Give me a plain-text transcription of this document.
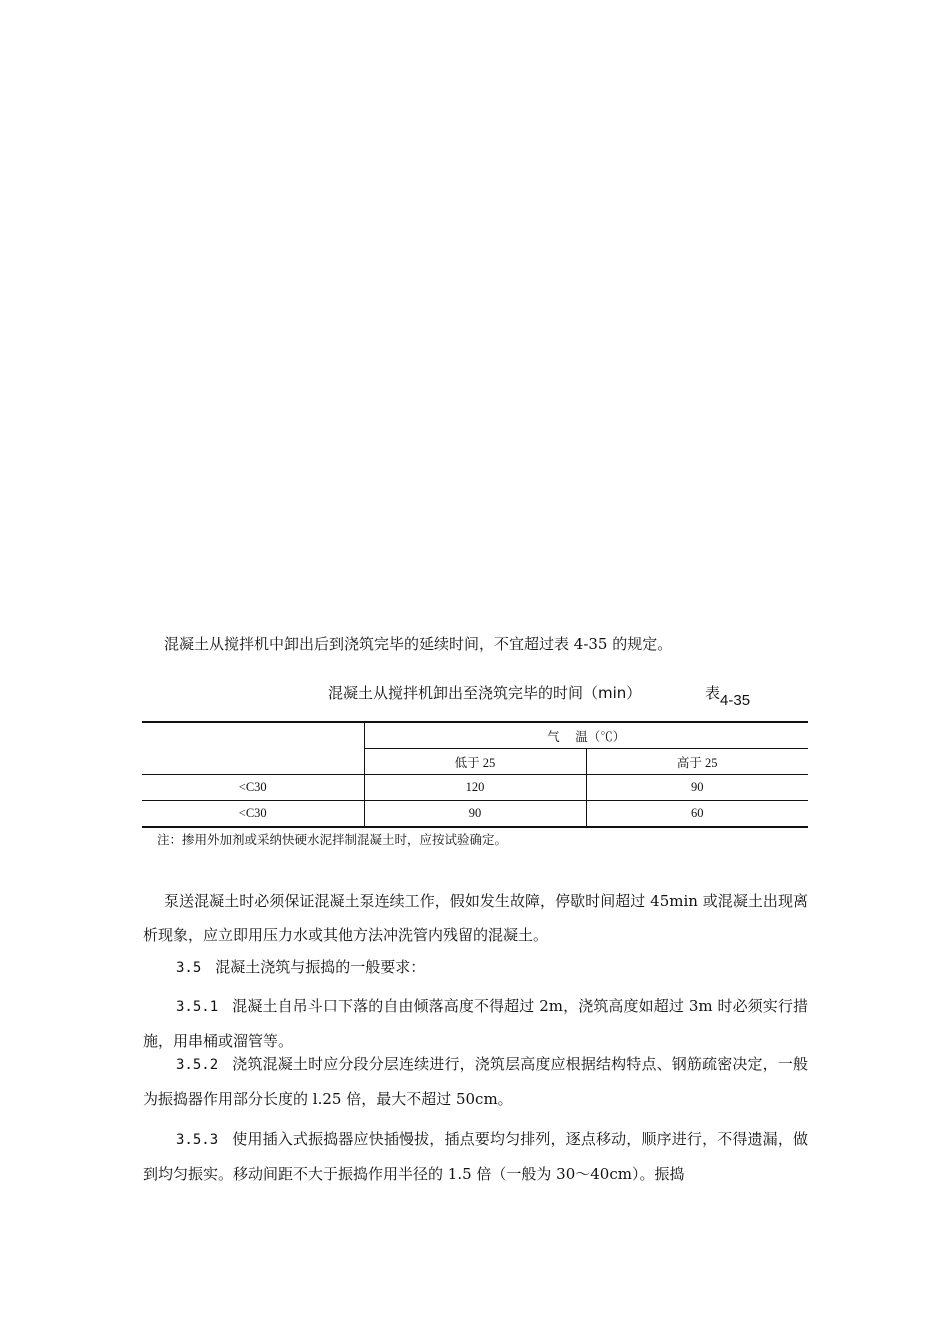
混凝土从搅拌机中卸出后到浇筑完毕的延续时间，不宜超过表 4-35 的规定。

混凝土从搅拌机卸出至浇筑完毕的时间（min）	表4-35
	气　 温（℃）	
	低于 25	高于 25
<C30	120	90
<C30	90	60
注：掺用外加剂或采纳快硬水泥拌制混凝土时，应按试验确定。

泵送混凝土时必须保证混凝土泵连续工作，假如发生故障，停歇时间超过 45min 或混凝土出现离析现象，应立即用压力水或其他方法冲洗管内残留的混凝土。

3.5 混凝土浇筑与振捣的一般要求：

3.5.1 混凝土自吊斗口下落的自由倾落高度不得超过 2m，浇筑高度如超过 3m 时必须实行措施，用串桶或溜管等。

3.5.2 浇筑混凝土时应分段分层连续进行，浇筑层高度应根据结构特点、钢筋疏密决定，一般为振捣器作用部分长度的 l.25 倍，最大不超过 50cm。

3.5.3 使用插入式振捣器应快插慢拔，插点要均匀排列，逐点移动，顺序进行，不得遗漏，做到均匀振实。移动间距不大于振捣作用半径的 1.5 倍（一般为 30～40cm）。振捣
